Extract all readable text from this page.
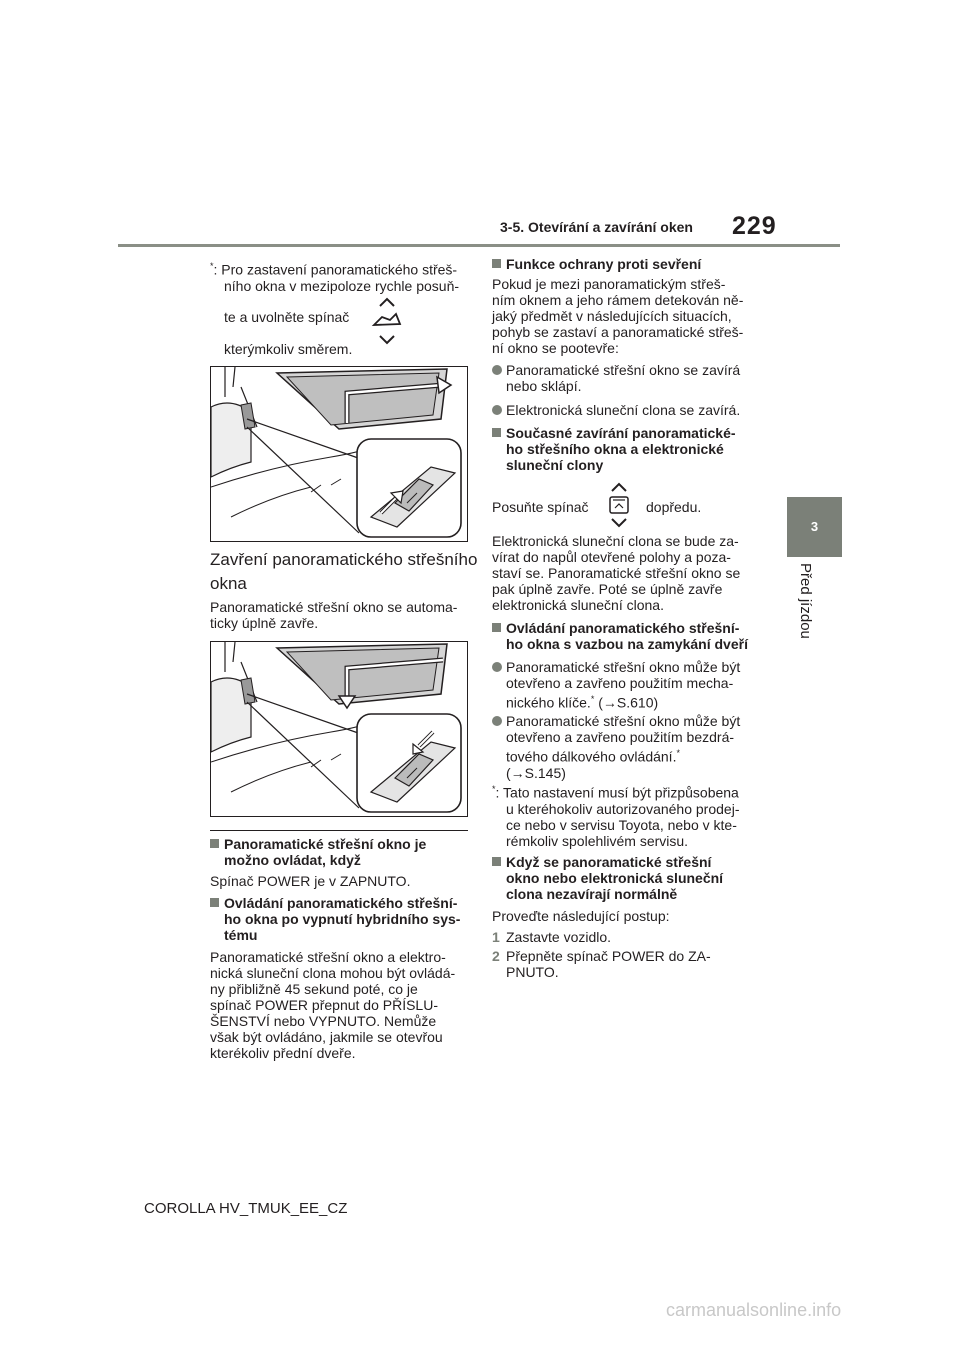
3-5. Otevírání a zavírání oken 229
3
Před jízdou
*: Pro zastavení panoramatického střeš-
ního okna v mezipoloze rychle posuň-
te a uvolněte spínač
kterýmkoliv směrem.
Zavření panoramatického střešního
okna
Panoramatické střešní okno se automa-
ticky úplně zavře.
Panoramatické střešní okno je
možno ovládat, když
Spínač POWER je v ZAPNUTO.
Ovládání panoramatického střešní-
ho okna po vypnutí hybridního sys-
tému
Panoramatické střešní okno a elektro-
nická sluneční clona mohou být ovládá-
ny přibližně 45 sekund poté, co je
spínač POWER přepnut do PŘÍSLU-
ŠENSTVÍ nebo VYPNUTO. Nemůže
však být ovládáno, jakmile se otevřou
kterékoliv přední dveře.
Funkce ochrany proti sevření
Pokud je mezi panoramatickým střeš-
ním oknem a jeho rámem detekován ně-
jaký předmět v následujících situacích,
pohyb se zastaví a panoramatické střeš-
ní okno se pootevře:
Panoramatické střešní okno se zavírá
nebo sklápí.
Elektronická sluneční clona se zavírá.
Současné zavírání panoramatické-
ho střešního okna a elektronické
sluneční clony
Posuňte spínač	dopředu.
Elektronická sluneční clona se bude za-
vírat do napůl otevřené polohy a poza-
staví se. Panoramatické střešní okno se
pak úplně zavře. Poté se úplně zavře
elektronická sluneční clona.
Ovládání panoramatického střešní-
ho okna s vazbou na zamykání dveří
Panoramatické střešní okno může být
otevřeno a zavřeno použitím mecha-
nického klíče.* (→S.610)
Panoramatické střešní okno může být
otevřeno a zavřeno použitím bezdrá-
tového dálkového ovládání.*
(→S.145)
*: Tato nastavení musí být přizpůsobena
u kteréhokoliv autorizovaného prodej-
ce nebo v servisu Toyota, nebo v kte-
rémkoliv spolehlivém servisu.
Když se panoramatické střešní
okno nebo elektronická sluneční
clona nezavírají normálně
Proveďte následující postup:
1 Zastavte vozidlo.
2 Přepněte spínač POWER do ZA-
PNUTO.
COROLLA HV_TMUK_EE_CZ
carmanualsonline.info
